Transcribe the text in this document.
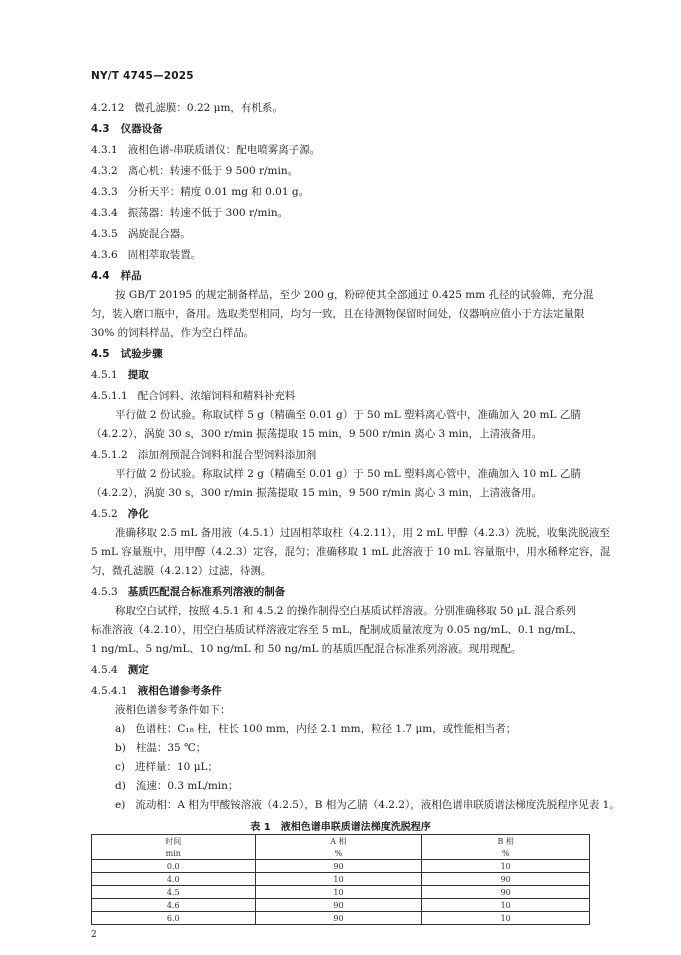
NY/T 4745—2025
4.2.12 微孔滤膜：0.22 μm，有机系。
4.3 仪器设备
4.3.1 液相色谱-串联质谱仪：配电喷雾离子源。
4.3.2 离心机：转速不低于 9 500 r/min。
4.3.3 分析天平：精度 0.01 mg 和 0.01 g。
4.3.4 振荡器：转速不低于 300 r/min。
4.3.5 涡旋混合器。
4.3.6 固相萃取装置。
4.4 样品
按 GB/T 20195 的规定制备样品，至少 200 g，粉碎使其全部通过 0.425 mm 孔径的试验筛，充分混
匀，装入磨口瓶中，备用。选取类型相同，均匀一致，且在待测物保留时间处，仪器响应值小于方法定量限
30% 的饲料样品，作为空白样品。
4.5 试验步骤
4.5.1 提取
4.5.1.1 配合饲料、浓缩饲料和精料补充料
平行做 2 份试验。称取试样 5 g（精确至 0.01 g）于 50 mL 塑料离心管中，准确加入 20 mL 乙腈
（4.2.2），涡旋 30 s，300 r/min 振荡提取 15 min，9 500 r/min 离心 3 min，上清液备用。
4.5.1.2 添加剂预混合饲料和混合型饲料添加剂
平行做 2 份试验。称取试样 2 g（精确至 0.01 g）于 50 mL 塑料离心管中，准确加入 10 mL 乙腈
（4.2.2），涡旋 30 s，300 r/min 振荡提取 15 min，9 500 r/min 离心 3 min，上清液备用。
4.5.2 净化
准确移取 2.5 mL 备用液（4.5.1）过固相萃取柱（4.2.11），用 2 mL 甲醇（4.2.3）洗脱，收集洗脱液至
5 mL 容量瓶中，用甲醇（4.2.3）定容，混匀；准确移取 1 mL 此溶液于 10 mL 容量瓶中，用水稀释定容，混
匀，微孔滤膜（4.2.12）过滤，待测。
4.5.3 基质匹配混合标准系列溶液的制备
称取空白试样，按照 4.5.1 和 4.5.2 的操作制得空白基质试样溶液。分别准确移取 50 μL 混合系列
标准溶液（4.2.10），用空白基质试样溶液定容至 5 mL，配制成质量浓度为 0.05 ng/mL、0.1 ng/mL、
1 ng/mL、5 ng/mL、10 ng/mL 和 50 ng/mL 的基质匹配混合标准系列溶液。现用现配。
4.5.4 测定
4.5.4.1 液相色谱参考条件
液相色谱参考条件如下：
a) 色谱柱：C₁₈ 柱，柱长 100 mm，内径 2.1 mm，粒径 1.7 μm，或性能相当者；
b) 柱温：35 ℃；
c) 进样量：10 μL；
d) 流速：0.3 mL/min；
e) 流动相：A 相为甲酸铵溶液（4.2.5），B 相为乙腈（4.2.2），液相色谱串联质谱法梯度洗脱程序见表 1。
表 1　液相色谱串联质谱法梯度洗脱程序
时间	A 相	B 相
min	%	%
0.0	90	10
4.0	10	90
4.5	10	90
4.6	90	10
6.0	90	10
2
